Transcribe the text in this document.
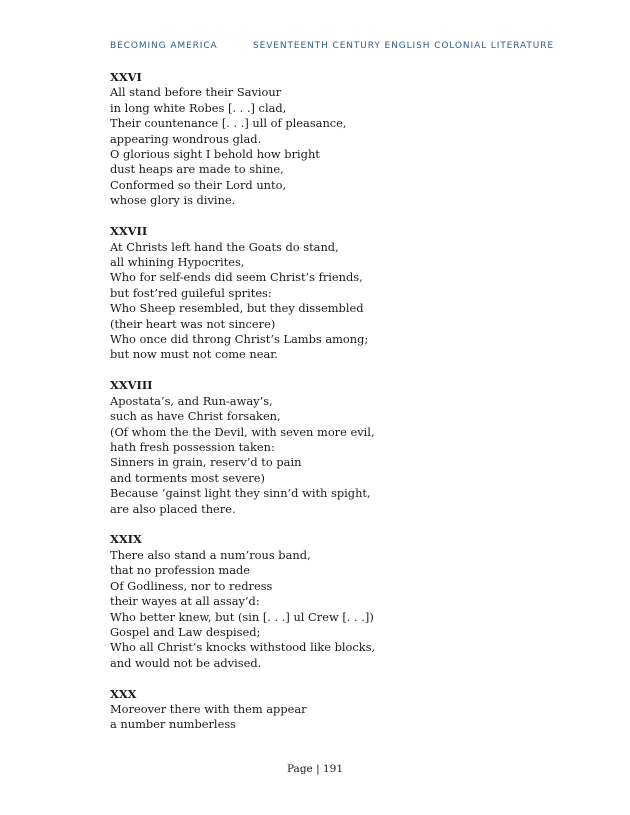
BECOMING AMERICA	SEVENTEENTH CENTURY ENGLISH COLONIAL LITERATURE

XXVI

All stand before their Saviour

in long white Robes [. . .] clad,

Their countenance [. . .] ull of pleasance,

appearing wondrous glad.

O glorious sight I behold how bright

dust heaps are made to shine,

Conformed so their Lord unto,

whose glory is divine.

XXVII

At Christs left hand the Goats do stand,

all whining Hypocrites,

Who for self-ends did seem Christ’s friends,

but fost’red guileful sprites:

Who Sheep resembled, but they dissembled

(their heart was not sincere)

Who once did throng Christ’s Lambs among;

but now must not come near.

XXVIII

Apostata’s, and Run-away’s,

such as have Christ forsaken,

(Of whom the the Devil, with seven more evil,

hath fresh possession taken:

Sinners in grain, reserv’d to pain

and torments most severe)

Because ‘gainst light they sinn’d with spight,

are also placed there.

XXIX

There also stand a num’rous band,

that no profession made

Of Godliness, nor to redress

their wayes at all assay’d:

Who better knew, but (sin [. . .] ul Crew [. . .])

Gospel and Law despised;

Who all Christ’s knocks withstood like blocks,

and would not be advised.

XXX

Moreover there with them appear

a number numberless

Page | 191
